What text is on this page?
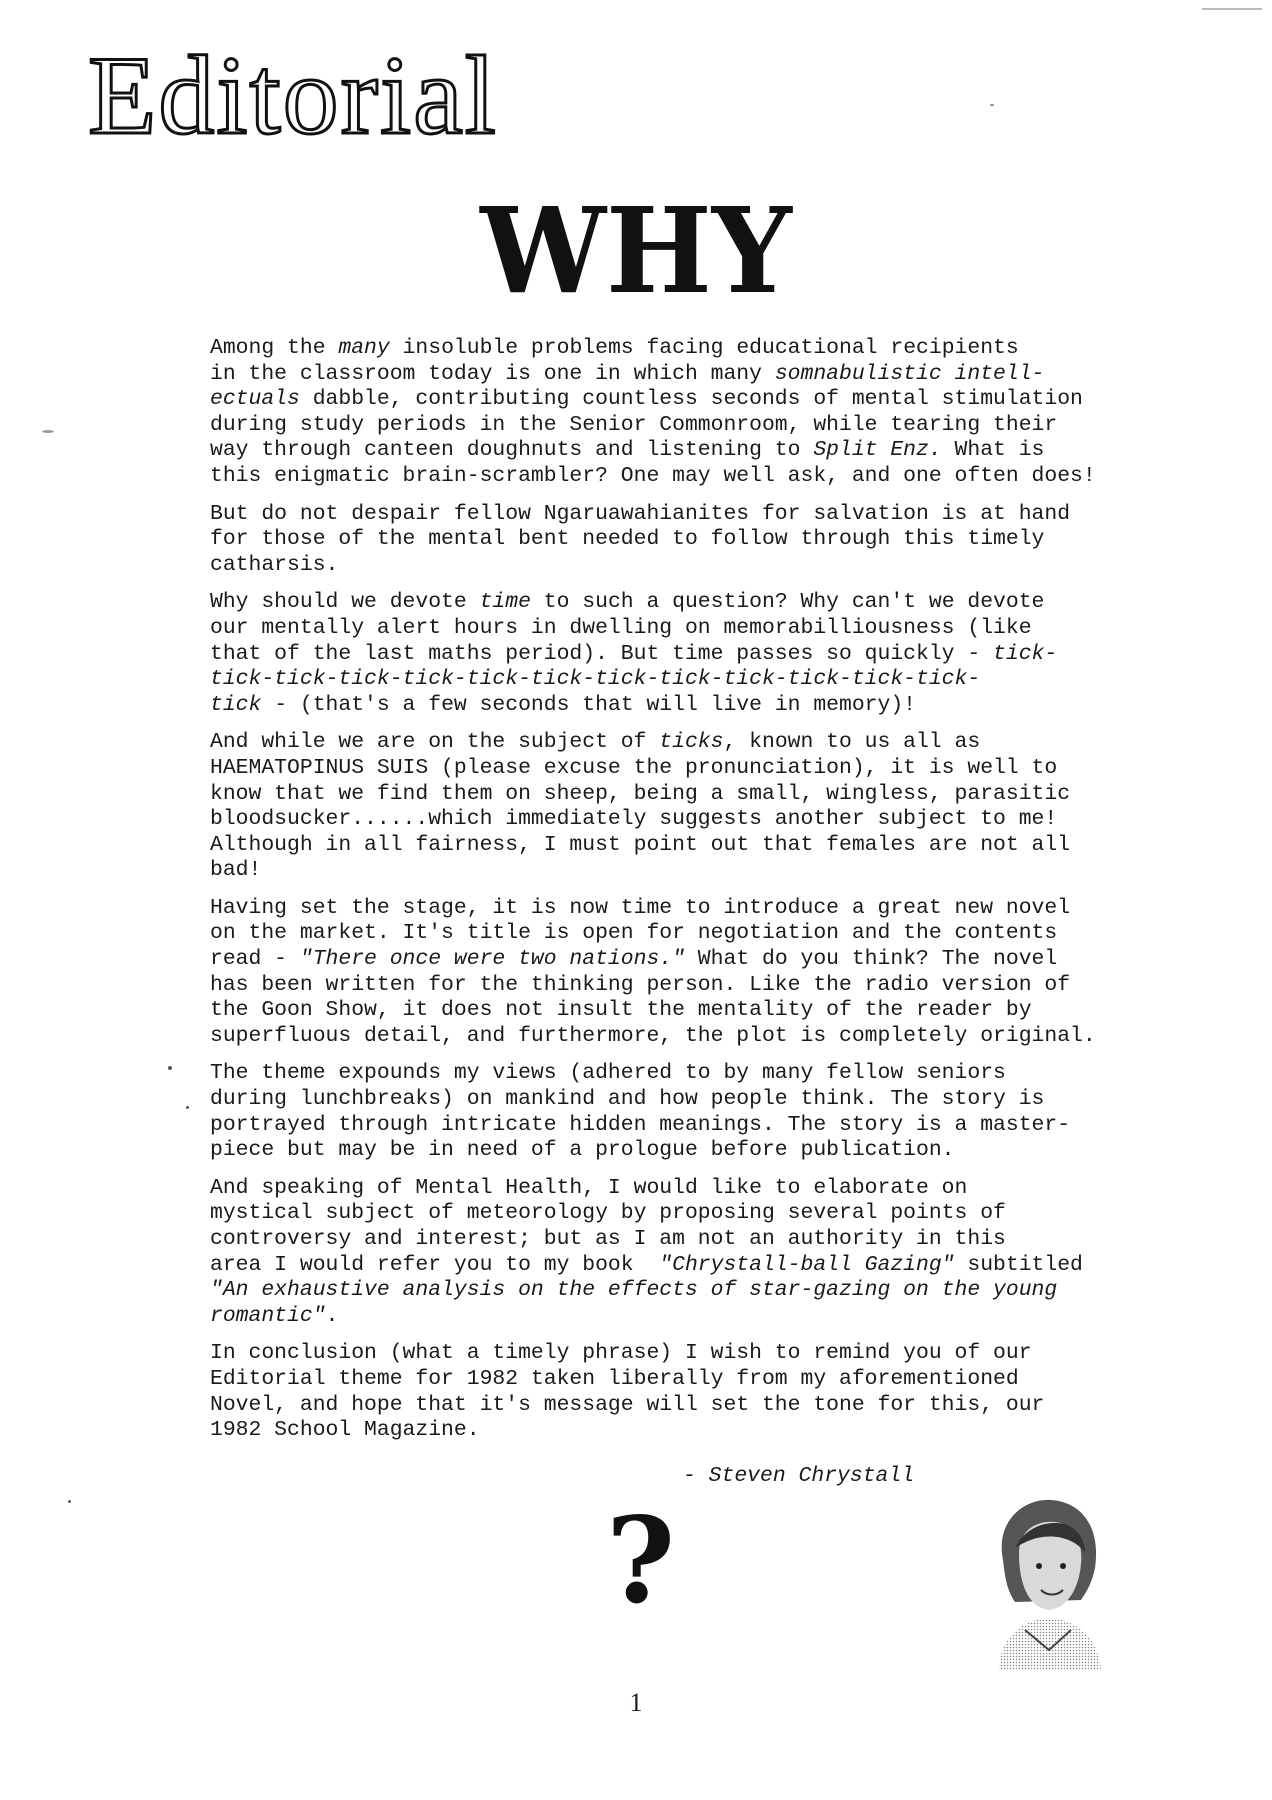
Editorial
WHY

Among the many insoluble problems facing educational recipients
in the classroom today is one in which many somnabulistic intell-
ectuals dabble, contributing countless seconds of mental stimulation
during study periods in the Senior Commonroom, while tearing their
way through canteen doughnuts and listening to Split Enz. What is
this enigmatic brain-scrambler? One may well ask, and one often does!

But do not despair fellow Ngaruawahianites for salvation is at hand
for those of the mental bent needed to follow through this timely
catharsis.

Why should we devote time to such a question? Why can't we devote
our mentally alert hours in dwelling on memorabilliousness (like
that of the last maths period). But time passes so quickly - tick-
tick-tick-tick-tick-tick-tick-tick-tick-tick-tick-tick-tick-
tick - (that's a few seconds that will live in memory)!

And while we are on the subject of ticks, known to us all as
HAEMATOPINUS SUIS (please excuse the pronunciation), it is well to
know that we find them on sheep, being a small, wingless, parasitic
bloodsucker......which immediately suggests another subject to me!
Although in all fairness, I must point out that females are not all
bad!

Having set the stage, it is now time to introduce a great new novel
on the market. It's title is open for negotiation and the contents
read - "There once were two nations." What do you think? The novel
has been written for the thinking person. Like the radio version of
the Goon Show, it does not insult the mentality of the reader by
superfluous detail, and furthermore, the plot is completely original.

The theme expounds my views (adhered to by many fellow seniors
during lunchbreaks) on mankind and how people think. The story is
portrayed through intricate hidden meanings. The story is a master-
piece but may be in need of a prologue before publication.

And speaking of Mental Health, I would like to elaborate on
mystical subject of meteorology by proposing several points of
controversy and interest; but as I am not an authority in this
area I would refer you to my book  "Chrystall-ball Gazing" subtitled
"An exhaustive analysis on the effects of star-gazing on the young
romantic".

In conclusion (what a timely phrase) I wish to remind you of our
Editorial theme for 1982 taken liberally from my aforementioned
Novel, and hope that it's message will set the tone for this, our
1982 School Magazine.

- Steven Chrystall
?
1
